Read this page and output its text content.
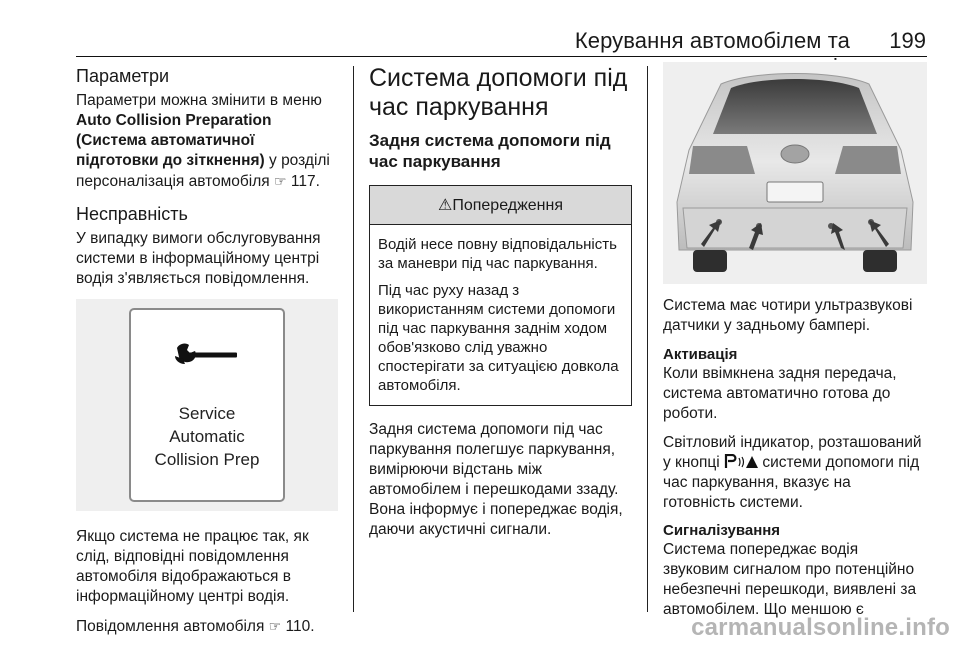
Керування автомобілем та	199
Параметри
Параметри можна змінити в меню Auto Collision Preparation (Система автоматичної підготовки до зіткнення) у розділі персоналізація автомобіля ☞ 117.
Несправність
У випадку вимоги обслуговування системи в інформаційному центрі водія з'являється повідомлення.
Service
Automatic
Collision Prep
Якщо система не працює так, як слід, відповідні повідомлення автомобіля відображаються в інформаційному центрі водія.
Повідомлення автомобіля ☞ 110.
Система допомоги під час паркування
Задня система допомоги під час паркування
⚠Попередження
Водій несе повну відповідальність за маневри під час паркування.
Під час руху назад з використанням системи допомоги під час паркування заднім ходом обов'язково слід уважно спостерігати за ситуацією довкола автомобіля.
Задня система допомоги під час паркування полегшує паркування, вимірюючи відстань між автомобілем і перешкодами ззаду. Вона інформує і попереджає водія, даючи акустичні сигнали.
Система має чотири ультразвукові датчики у задньому бампері.
Активація
Коли ввімкнена задня передача, система автоматично готова до роботи.
Світловий індикатор, розташований у кнопці  системи допомоги під час паркування, вказує на готовність системи.
Сигналізування
Система попереджає водія звуковим сигналом про потенційно небезпечні перешкоди, виявлені за автомобілем. Що меншою є
carmanualsonline.info
